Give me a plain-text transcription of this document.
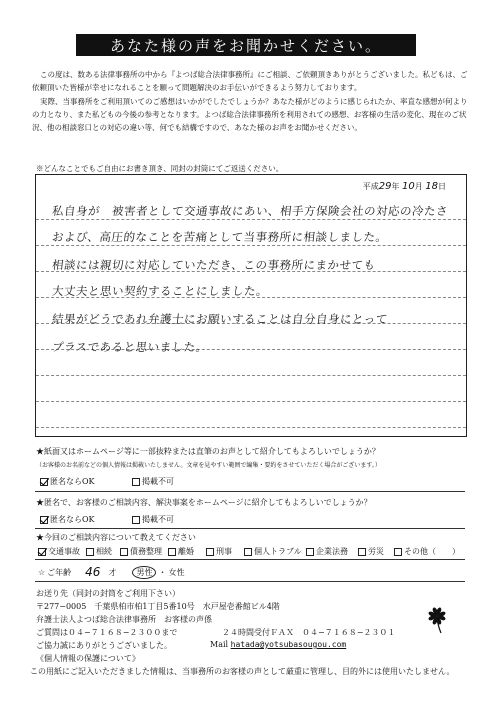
あなた様の声をお聞かせください。

この度は、数ある法律事務所の中から『よつば総合法律事務所』にご相談、ご依頼頂きありがとうございました。私どもは、ご依頼頂いた皆様が幸せになれることを願って問題解決のお手伝いができるよう努力しております。

実際、当事務所をご利用頂いてのご感想はいかがでしたでしょうか？あなた様がどのように感じられたか、率直な感想が何よりの力となり、また私どもの今後の参考となります。よつば総合法律事務所を利用されての感想、お客様の生活の変化、現在のご状況、他の相談窓口との対応の違い等、何でも結構ですので、あなた様のお声をお聞かせください。

※どんなことでもご自由にお書き頂き、同封の封筒にてご返送ください。
平成29年 10月 18日
私自身が　被害者として交通事故にあい、相手方保険会社の対応の冷たさ
および、高圧的なことを苦痛として当事務所に相談しました。
相談には親切に対応していただき、この事務所にまかせても
大丈夫と思い契約することにしました。
結果がどうであれ弁護士にお願いすることは自分自身にとって
プラスであると思いました。
★紙面又はホームページ等に一部抜粋または直筆のお声として紹介してもよろしいでしょうか？
（お客様のお名前などの個人情報は掲載いたしません。文章を見やすい範囲で編集・要約をさせていただく場合がございます。）
匿名ならOK	掲載不可
★匿名で、お客様のご相談内容、解決事案をホームページに紹介してもよろしいでしょうか？
匿名ならOK	掲載不可
★今回のご相談内容について教えてください
交通事故 相続 債務整理 離婚	刑事	個人トラブル 企業法務	労災	その他（ ）
☆ ご年齢 46 才	男性 ・ 女性
お送り先（同封の封筒をご利用下さい）
〒277−0005　千葉県柏市柏1丁目5番10号　水戸屋壱番館ビル4階
弁護士法人よつば総合法律事務所　お客様の声係
ご質問は０４−７１６８−２３００まで	２４時間受付ＦＡＸ　０４−７１６８−２３０１
ご協力誠にありがとうございました。	Mail hatada@yotsubasougou.com
《個人情報の保護について》
この用紙にご記入いただきました情報は、当事務所のお客様の声として厳重に管理し、目的外には使用いたしません。
